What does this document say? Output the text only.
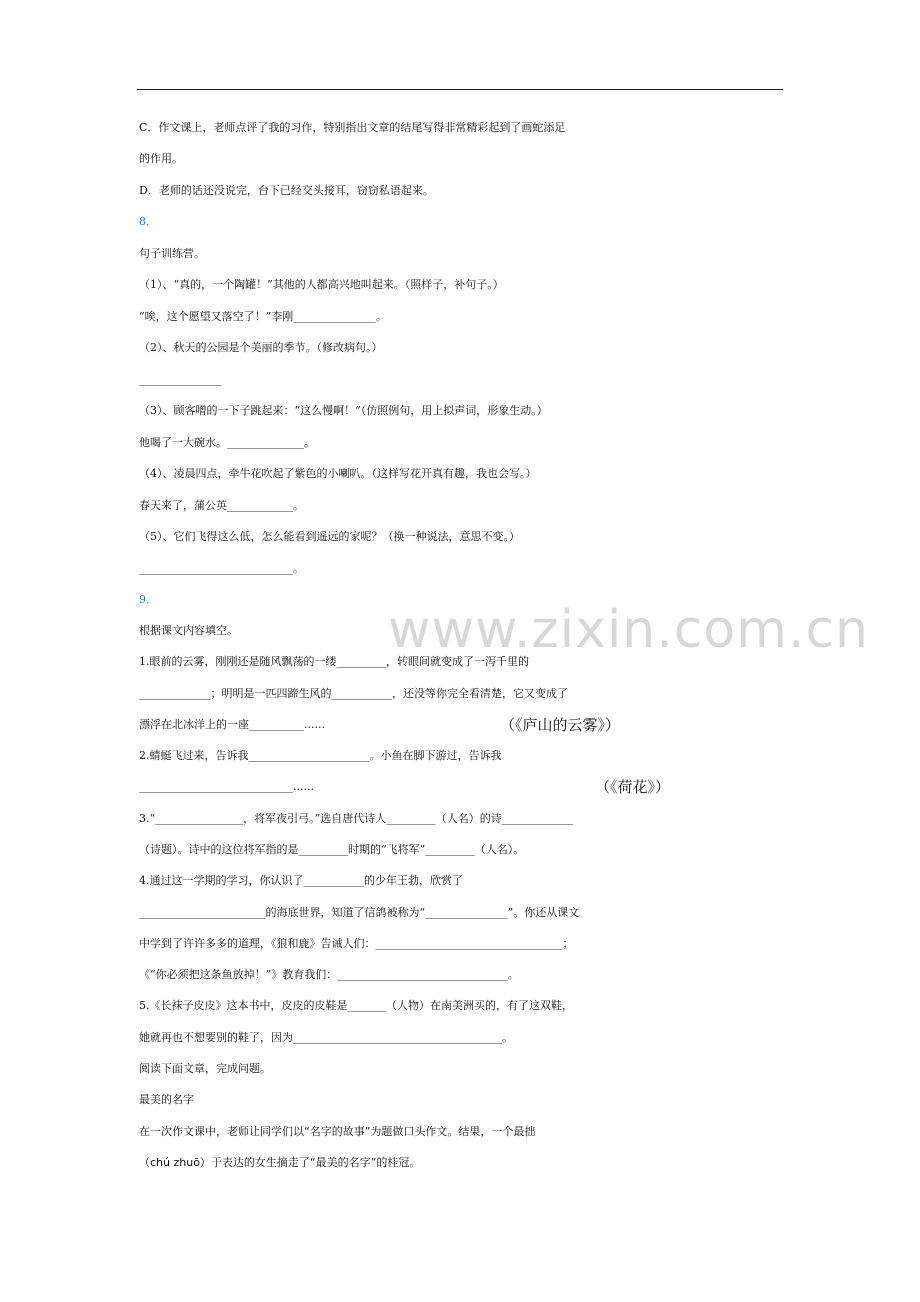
www.zixin.com.cn
C．作文课上，老师点评了我的习作，特别指出文章的结尾写得非常精彩起到了画蛇添足
的作用。
D．老师的话还没说完，台下已经交头接耳，窃窃私语起来。
8．
句子训练营。
（1）、“真的，一个陶罐！”其他的人都高兴地叫起来。（照样子，补句子。）
“唉，这个愿望又落空了！”李刚_______________。
（2）、秋天的公园是个美丽的季节。（修改病句。）
_______________
（3）、顾客噌的一下子跳起来：“这么慢啊！”（仿照例句，用上拟声词，形象生动。）
他喝了一大碗水。______________。
（4）、凌晨四点，牵牛花吹起了紫色的小喇叭。（这样写花开真有趣，我也会写。）
春天来了，蒲公英____________。
（5）、它们飞得这么低，怎么能看到遥远的家呢？（换一种说法，意思不变。）
____________________________。
9．
根据课文内容填空。
1.眼前的云雾，刚刚还是随风飘荡的一缕_________，转眼间就变成了一泻千里的
_____________；明明是一匹四蹄生风的___________，还没等你完全看清楚，它又变成了
漂浮在北冰洋上的一座__________......	（《庐山的云雾》）
2.蜻蜓飞过来，告诉我______________________。小鱼在脚下游过，告诉我
____________________________......	（《荷花》）
3.“________________，将军夜引弓。”选自唐代诗人_________（人名）的诗_____________
（诗题）。诗中的这位将军指的是_________时期的“飞将军”_________（人名）。
4.通过这一学期的学习，你认识了___________的少年王勃，欣赏了
_______________________的海底世界，知道了信鸽被称为“_______________”。你还从课文
中学到了许许多多的道理，《狼和鹿》告诫人们：__________________________________；
《“你必须把这条鱼放掉！”》教育我们：_______________________________。
5.《长袜子皮皮》这本书中，皮皮的皮鞋是_______（人物）在南美洲买的，有了这双鞋，
她就再也不想要别的鞋了，因为______________________________________。
阅读下面文章，完成问题。
最美的名字
在一次作文课中，老师让同学们以“名字的故事”为题做口头作文。结果，一个最拙
（chú zhuō）于表达的女生摘走了“最美的名字”的桂冠。
